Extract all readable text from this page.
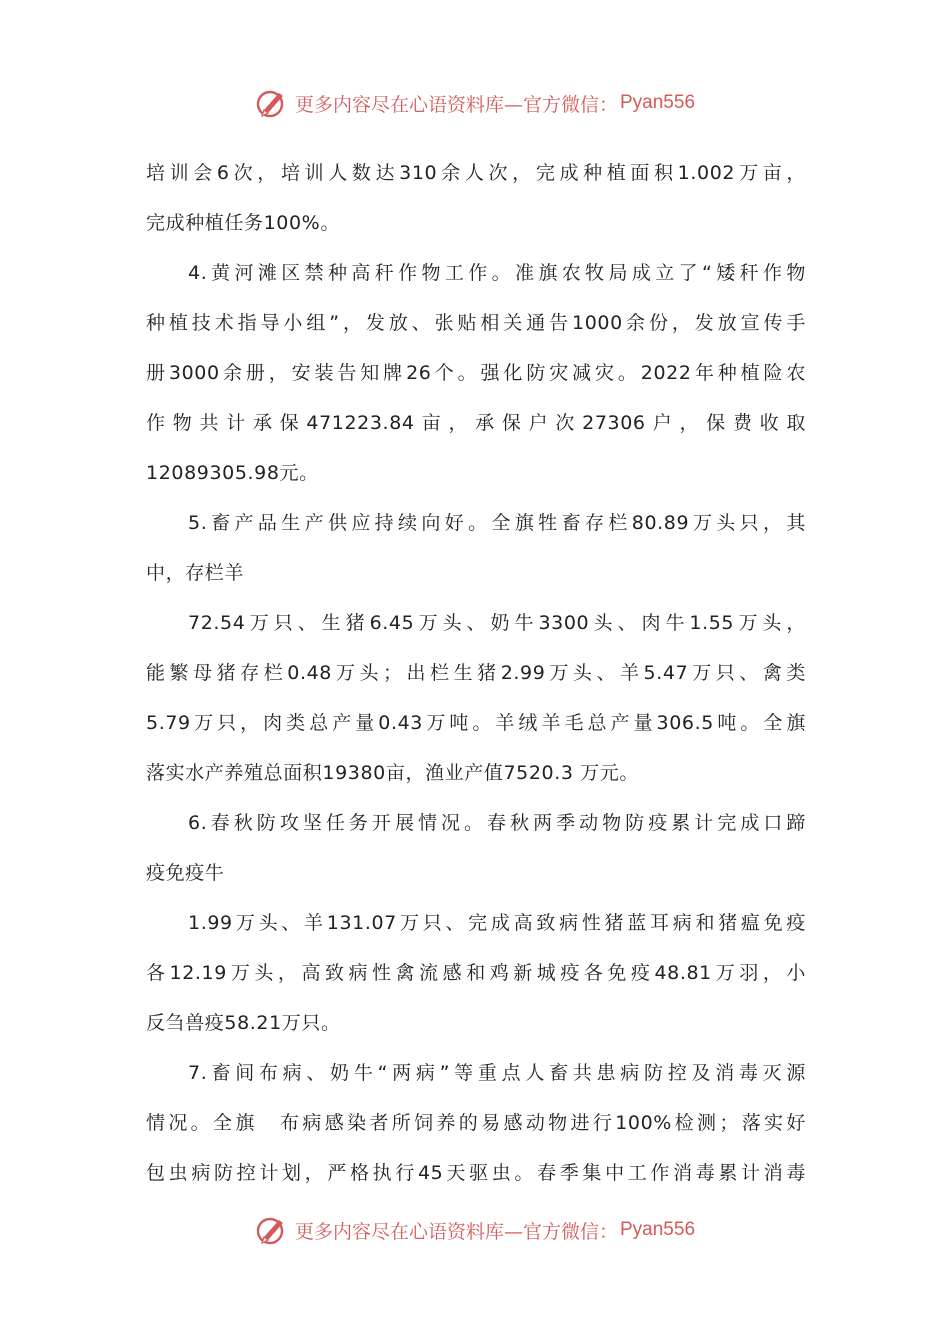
更多内容尽在心语资料库—官方微信： Pyan556
培训会6次，培训人数达310余人次，完成种植面积1.002万亩，
完成种植任务100%。
4.黄河滩区禁种高秆作物工作。准旗农牧局成立了“矮秆作物
种植技术指导小组”，发放、张贴相关通告1000余份，发放宣传手
册3000余册，安装告知牌26个。强化防灾减灾。2022年种植险农
作物共计承保471223.84亩，承保户次27306户，保费收取
12089305.98元。
5.畜产品生产供应持续向好。全旗牲畜存栏80.89万头只，其
中，存栏羊
72.54万只、生猪6.45万头、奶牛3300头、肉牛1.55万头，
能繁母猪存栏0.48万头；出栏生猪2.99万头、羊5.47万只、禽类
5.79万只，肉类总产量0.43万吨。羊绒羊毛总产量306.5吨。全旗
落实水产养殖总面积19380亩，渔业产值7520.3 万元。
6.春秋防攻坚任务开展情况。春秋两季动物防疫累计完成口蹄
疫免疫牛
1.99万头、羊131.07万只、完成高致病性猪蓝耳病和猪瘟免疫
各12.19万头，高致病性禽流感和鸡新城疫各免疫48.81万羽，小
反刍兽疫58.21万只。
7.畜间布病、奶牛“两病”等重点人畜共患病防控及消毒灭源
情况。全旗　布病感染者所饲养的易感动物进行100%检测；落实好
包虫病防控计划，严格执行45天驱虫。春季集中工作消毒累计消毒
更多内容尽在心语资料库—官方微信： Pyan556
